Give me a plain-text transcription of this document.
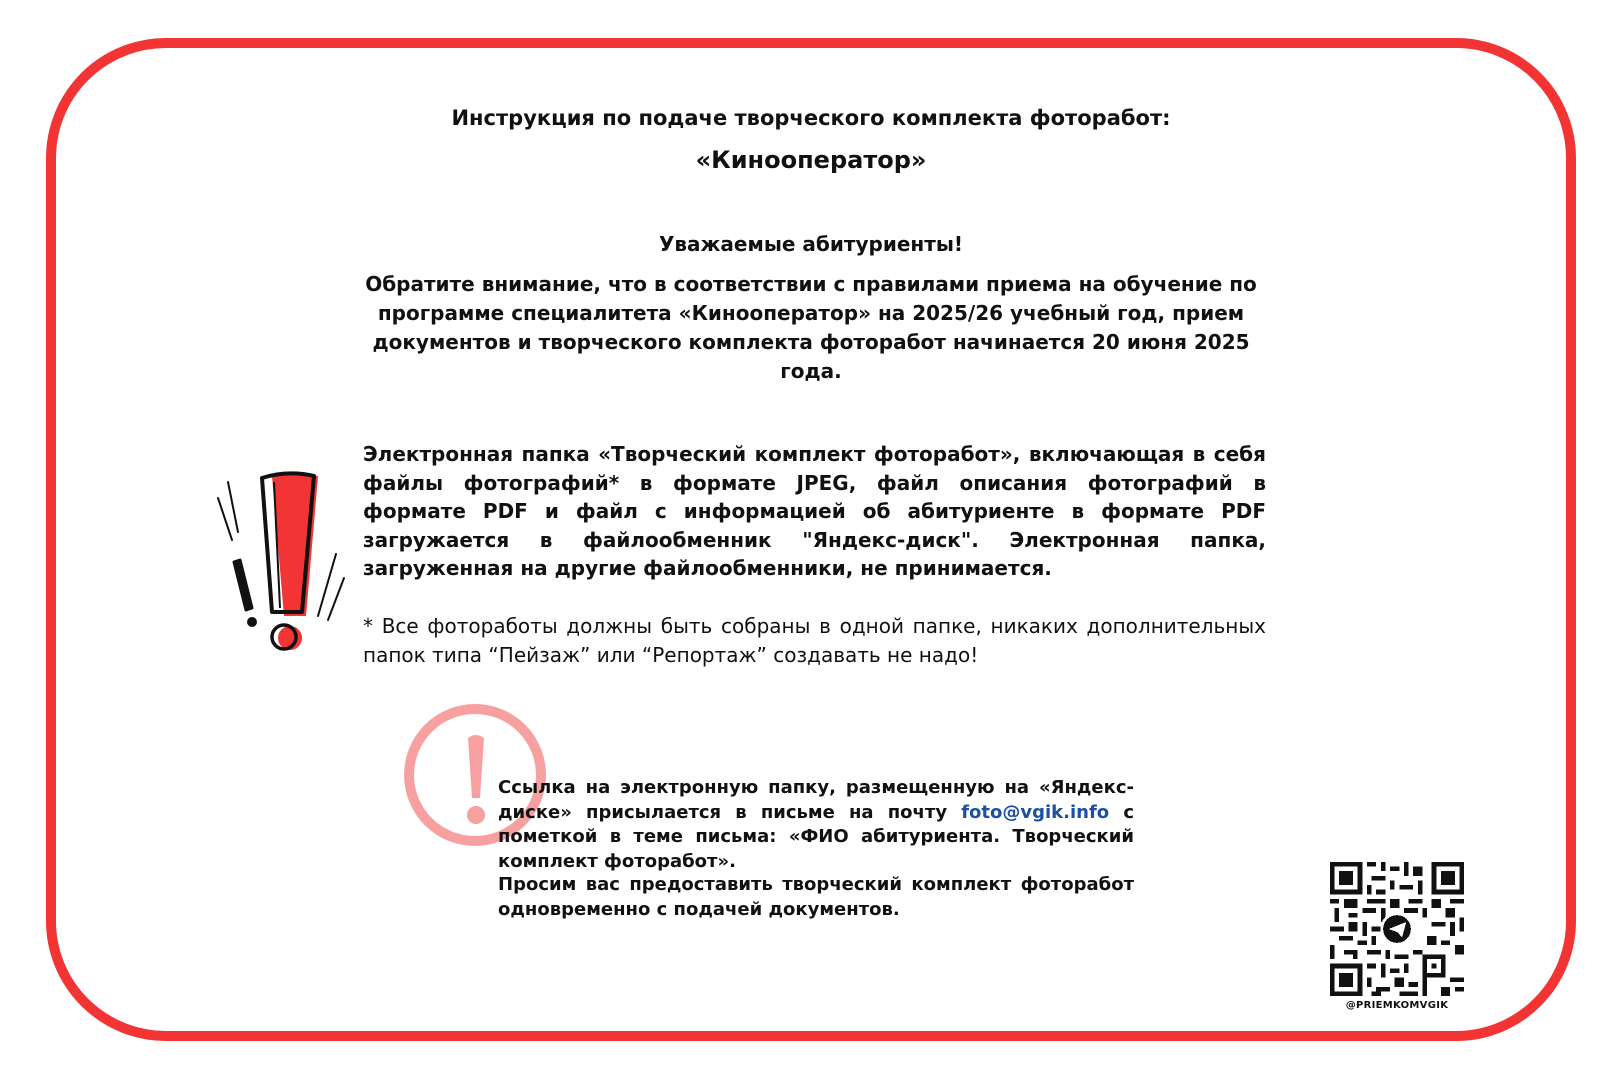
Инструкция по подаче творческого комплекта фоторабот:
«Кинооператор»
Уважаемые абитуриенты!
Обратите внимание, что в соответствии с правилами приема на обучение по программе специалитета «Кинооператор» на 2025/26 учебный год, прием документов и творческого комплекта фоторабот начинается 20 июня 2025 года.
Электронная папка «Творческий комплект фоторабот», включающая в себя файлы фотографий* в формате JPEG, файл описания фотографий в формате PDF и файл с информацией об абитуриенте в формате PDF загружается в файлообменник "Яндекс-диск". Электронная папка, загруженная на другие файлообменники, не принимается.
* Все фотоработы должны быть собраны в одной папке, никаких дополнительных папок типа “Пейзаж” или “Репортаж” создавать не надо!
Ссылка на электронную папку, размещенную на «Яндекс-диске» присылается в письме на почту foto@vgik.info с пометкой в теме письма: «ФИО абитуриента. Творческий комплект фоторабот».
Просим вас предоставить творческий комплект фоторабот одновременно с подачей документов.
@PRIEMKOMVGIK
